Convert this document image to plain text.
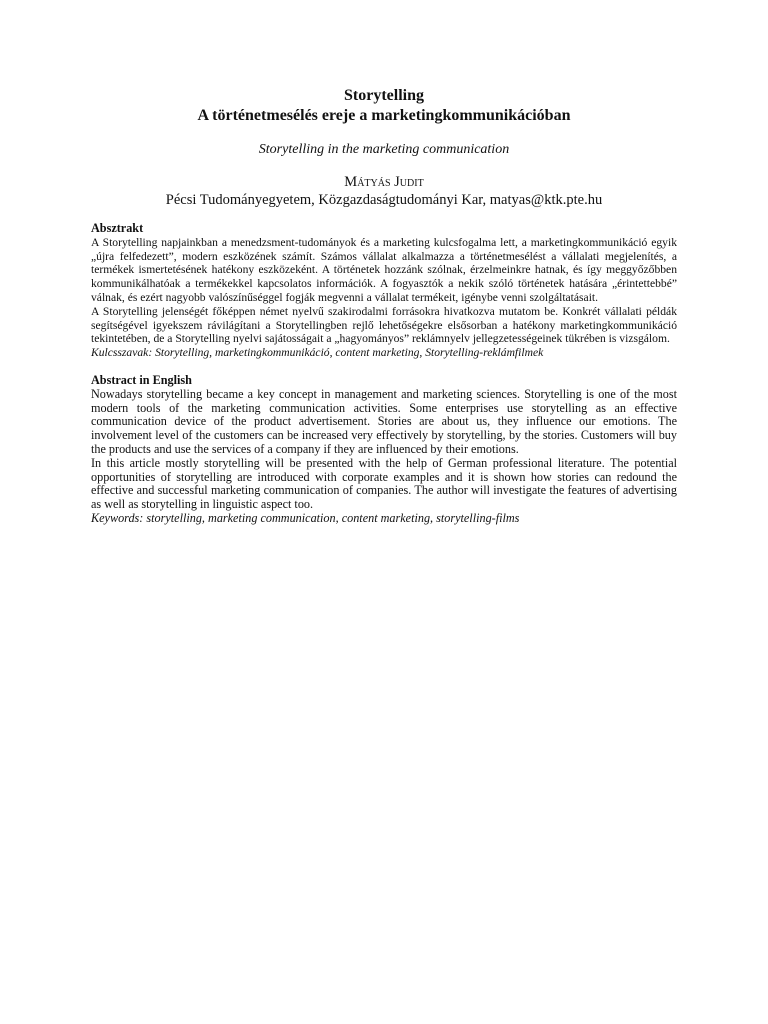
Storytelling
A történetmesélés ereje a marketingkommunikációban

Storytelling in the marketing communication

Mátyás Judit

Pécsi Tudományegyetem, Közgazdaságtudományi Kar, matyas@ktk.pte.hu

Absztrakt

A Storytelling napjainkban a menedzsment-tudományok és a marketing kulcsfogalma lett, a marketingkommunikáció egyik „újra felfedezett”, modern eszközének számít. Számos vállalat alkalmazza a történetmesélést a vállalati megjelenítés, a termékek ismertetésének hatékony eszközeként. A történetek hozzánk szólnak, érzelmeinkre hatnak, és így meggyőzőbben kommunikálhatóak a termékekkel kapcsolatos információk. A fogyasztók a nekik szóló történetek hatására „érintettebbé” válnak, és ezért nagyobb valószínűséggel fogják megvenni a vállalat termékeit, igénybe venni szolgáltatásait.

A Storytelling jelenségét főképpen német nyelvű szakirodalmi forrásokra hivatkozva mutatom be. Konkrét vállalati példák segítségével igyekszem rávilágítani a Storytellingben rejlő lehetőségekre elsősorban a hatékony marketingkommunikáció tekintetében, de a Storytelling nyelvi sajátosságait a „hagyományos” reklámnyelv jellegzetességeinek tükrében is vizsgálom.

Kulcsszavak: Storytelling, marketingkommunikáció, content marketing, Storytelling-reklámfilmek

Abstract in English

Nowadays storytelling became a key concept in management and marketing sciences. Storytelling is one of the most modern tools of the marketing communication activities. Some enterprises use storytelling as an effective communication device of the product advertisement. Stories are about us, they influence our emotions. The involvement level of the customers can be increased very effectively by storytelling, by the stories. Customers will buy the products and use the services of a company if they are influenced by their emotions.

In this article mostly storytelling will be presented with the help of German professional literature. The potential opportunities of storytelling are introduced with corporate examples and it is shown how stories can redound the effective and successful marketing communication of companies. The author will investigate the features of advertising as well as storytelling in linguistic aspect too.

Keywords: storytelling, marketing communication, content marketing, storytelling-films
